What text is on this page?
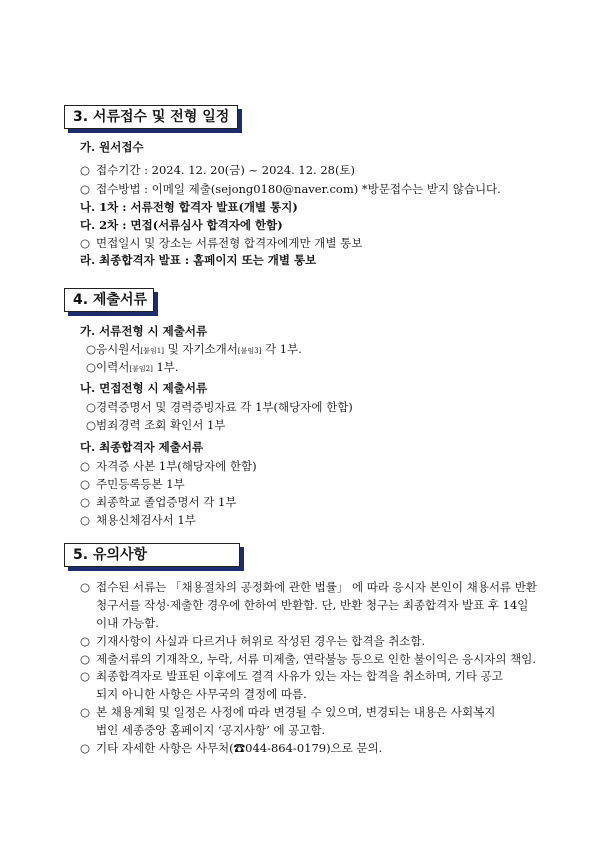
3. 서류접수 및 전형 일정
가. 원서접수
○ 접수기간 : 2024. 12. 20(금) ~ 2024. 12. 28(토)
○ 접수방법 : 이메일 제출(sejong0180@naver.com) *방문접수는 받지 않습니다.
나. 1차 : 서류전형 합격자 발표(개별 통지)
다. 2차 : 면접(서류심사 합격자에 한함)
○ 면접일시 및 장소는 서류전형 합격자에게만 개별 통보
라. 최종합격자 발표 : 홈페이지 또는 개별 통보
4. 제출서류
가. 서류전형 시 제출서류
○응시원서[붙임1] 및 자기소개서[붙임3] 각 1부.
○이력서[붙임2] 1부.
나. 면접전형 시 제출서류
○경력증명서 및 경력증빙자료 각 1부(해당자에 한함)
○범죄경력 조회 확인서 1부
다. 최종합격자 제출서류
○ 자격증 사본 1부(해당자에 한함)
○ 주민등록등본 1부
○ 최종학교 졸업증명서 각 1부
○ 채용신체검사서 1부
5. 유의사항
○ 접수된 서류는 「채용절차의 공정화에 관한 법률」 에 따라 응시자 본인이 채용서류 반환
청구서를 작성·제출한 경우에 한하여 반환함. 단, 반환 청구는 최종합격자 발표 후 14일
이내 가능함.
○ 기재사항이 사실과 다르거나 허위로 작성된 경우는 합격을 취소함.
○ 제출서류의 기재착오, 누락, 서류 미제출, 연락불능 등으로 인한 불이익은 응시자의 책임.
○ 최종합격자로 발표된 이후에도 결격 사유가 있는 자는 합격을 취소하며, 기타 공고
되지 아니한 사항은 사무국의 결정에 따름.
○ 본 채용계획 및 일정은 사정에 따라 변경될 수 있으며, 변경되는 내용은 사회복지
법인 세종중앙 홈페이지 ‘공지사항’ 에 공고함.
○ 기타 자세한 사항은 사무처(☎044-864-0179)으로 문의.
